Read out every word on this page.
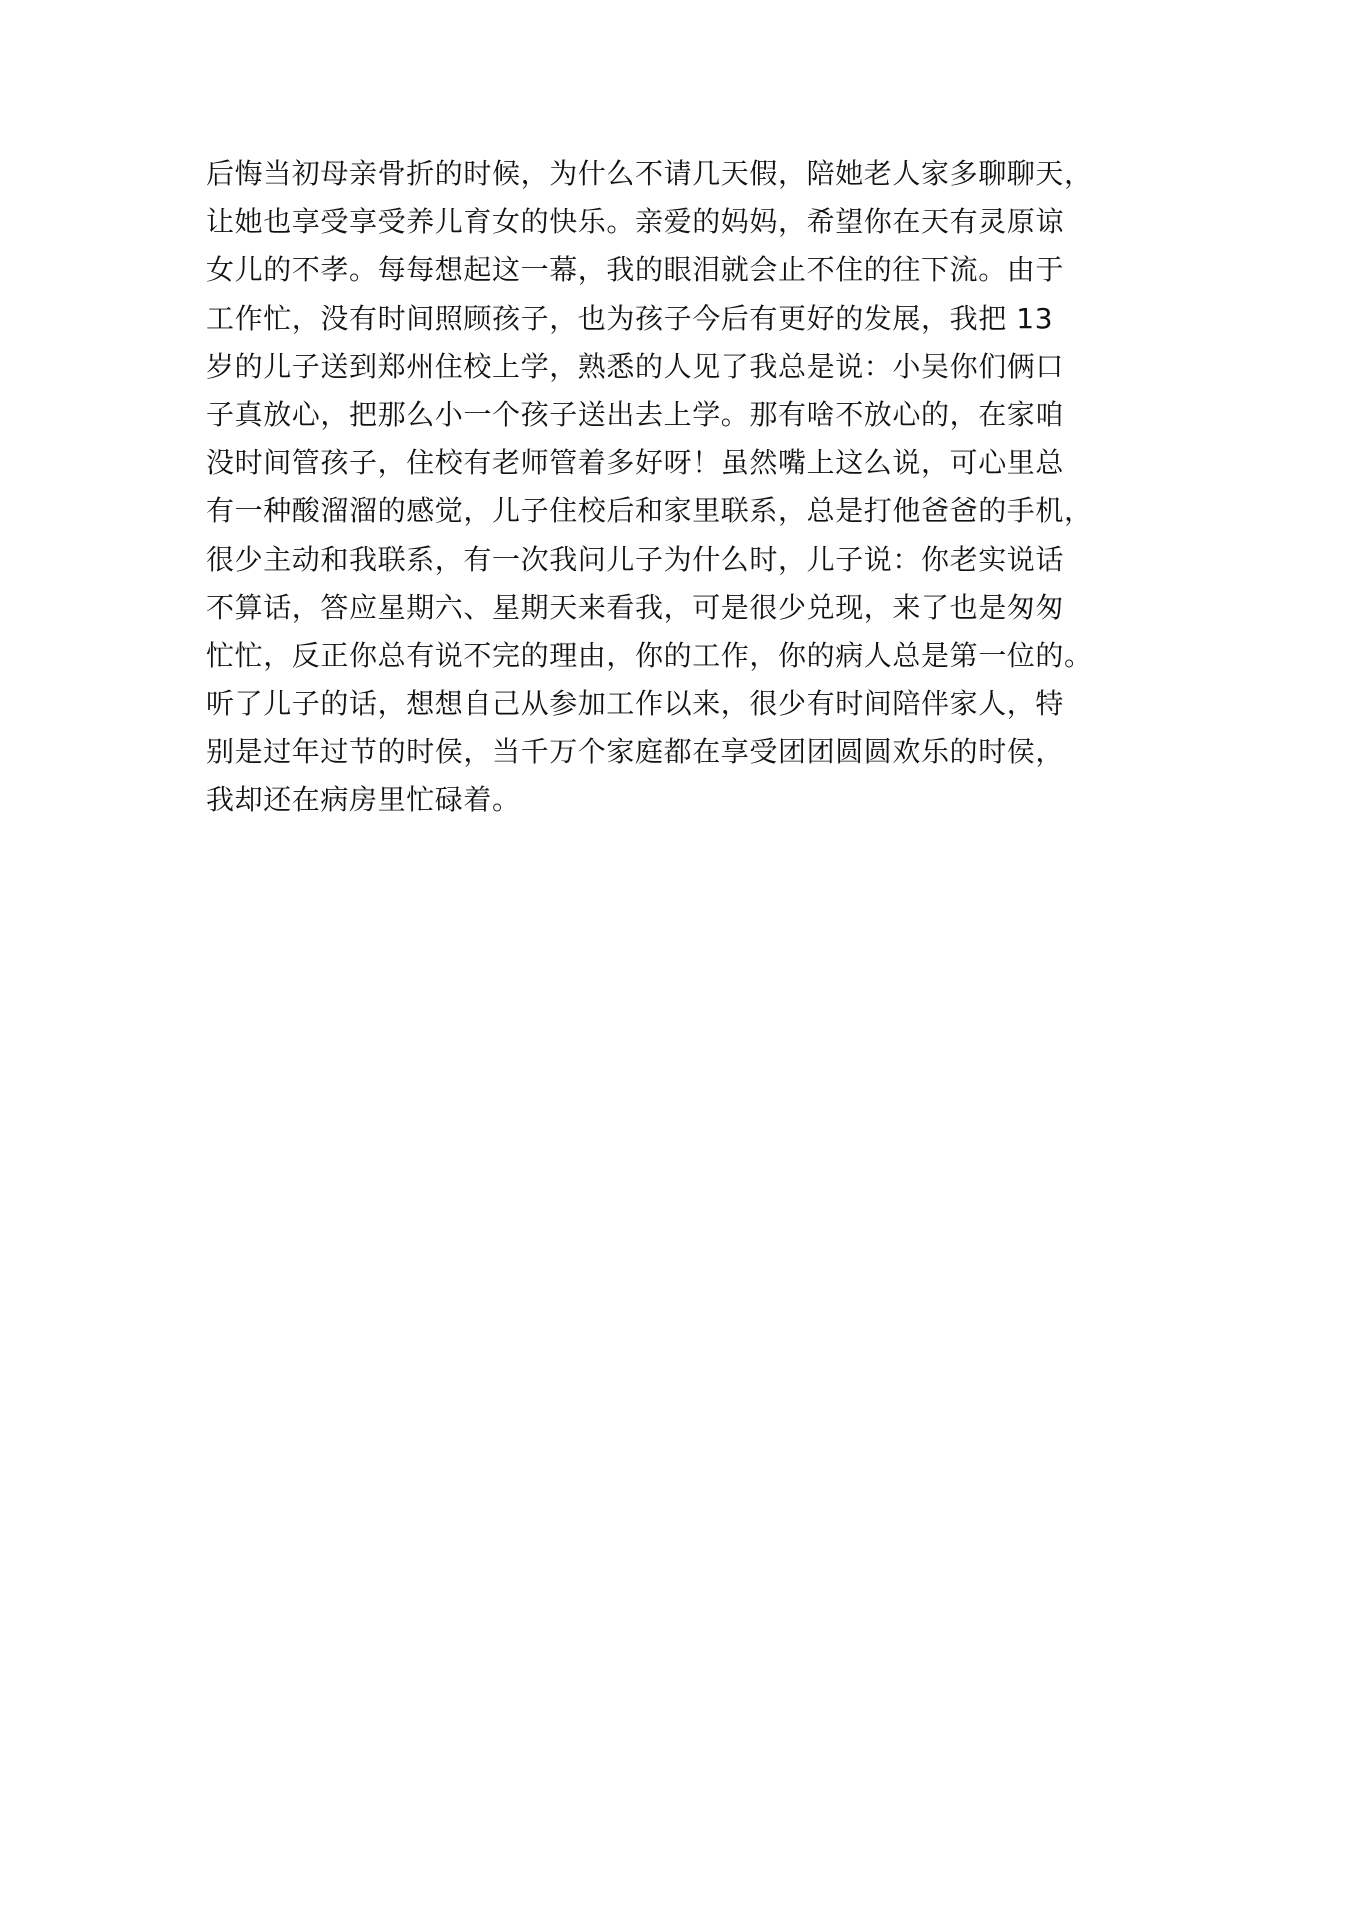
后悔当初母亲骨折的时候，为什么不请几天假，陪她老人家多聊聊天，
让她也享受享受养儿育女的快乐。亲爱的妈妈，希望你在天有灵原谅
女儿的不孝。每每想起这一幕，我的眼泪就会止不住的往下流。由于
工作忙，没有时间照顾孩子，也为孩子今后有更好的发展，我把 13
岁的儿子送到郑州住校上学，熟悉的人见了我总是说：小吴你们俩口
子真放心，把那么小一个孩子送出去上学。那有啥不放心的，在家咱
没时间管孩子，住校有老师管着多好呀！虽然嘴上这么说，可心里总
有一种酸溜溜的感觉，儿子住校后和家里联系，总是打他爸爸的手机，
很少主动和我联系，有一次我问儿子为什么时，儿子说：你老实说话
不算话，答应星期六、星期天来看我，可是很少兑现，来了也是匆匆
忙忙，反正你总有说不完的理由，你的工作，你的病人总是第一位的。
听了儿子的话，想想自己从参加工作以来，很少有时间陪伴家人，特
别是过年过节的时侯，当千万个家庭都在享受团团圆圆欢乐的时侯，
我却还在病房里忙碌着。
